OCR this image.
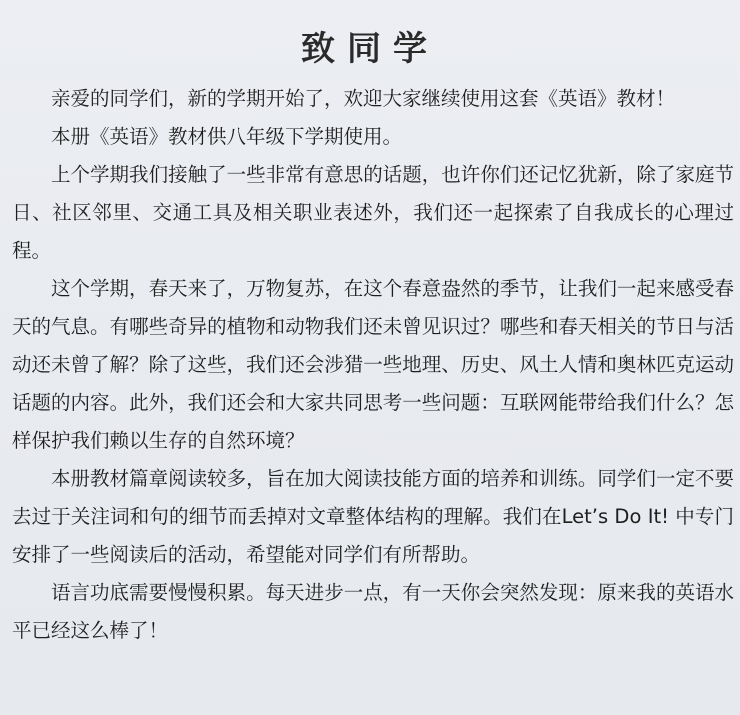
致同学

亲爱的同学们，新的学期开始了，欢迎大家继续使用这套《英语》教材！

本册《英语》教材供八年级下学期使用。

上个学期我们接触了一些非常有意思的话题，也许你们还记忆犹新，除了家庭节日、社区邻里、交通工具及相关职业表述外，我们还一起探索了自我成长的心理过程。

这个学期，春天来了，万物复苏，在这个春意盎然的季节，让我们一起来感受春天的气息。有哪些奇异的植物和动物我们还未曾见识过？哪些和春天相关的节日与活动还未曾了解？除了这些，我们还会涉猎一些地理、历史、风土人情和奥林匹克运动话题的内容。此外，我们还会和大家共同思考一些问题：互联网能带给我们什么？怎样保护我们赖以生存的自然环境？

本册教材篇章阅读较多，旨在加大阅读技能方面的培养和训练。同学们一定不要去过于关注词和句的细节而丢掉对文章整体结构的理解。我们在Let’s Do It! 中专门安排了一些阅读后的活动，希望能对同学们有所帮助。

语言功底需要慢慢积累。每天进步一点，有一天你会突然发现：原来我的英语水平已经这么棒了！
